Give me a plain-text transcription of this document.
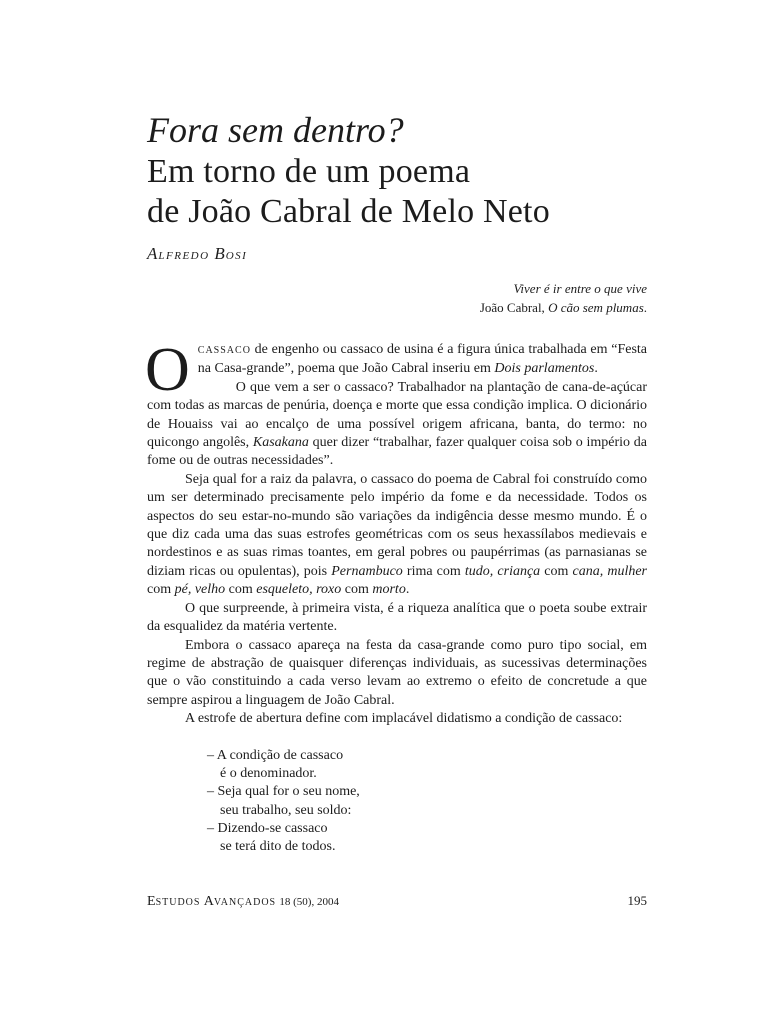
Fora sem dentro?
Em torno de um poema
de João Cabral de Melo Neto
ALFREDO BOSI
Viver é ir entre o que vive
João Cabral, O cão sem plumas.

OCASSACO de engenho ou cassaco de usina é a figura única trabalhada em “Festa na Casa-grande”, poema que João Cabral inseriu em Dois parlamentos.

O que vem a ser o cassaco? Trabalhador na plantação de cana-de-açúcar com todas as marcas de penúria, doença e morte que essa condição implica. O dicionário de Houaiss vai ao encalço de uma possível origem africana, banta, do termo: no quicongo angolês, Kasakana quer dizer “trabalhar, fazer qualquer coisa sob o império da fome ou de outras necessidades”.

Seja qual for a raiz da palavra, o cassaco do poema de Cabral foi construído como um ser determinado precisamente pelo império da fome e da necessidade. Todos os aspectos do seu estar-no-mundo são variações da indigência desse mesmo mundo. É o que diz cada uma das suas estrofes geométricas com os seus hexassílabos medievais e nordestinos e as suas rimas toantes, em geral pobres ou paupérrimas (as parnasianas se diziam ricas ou opulentas), pois Pernambuco rima com tudo, criança com cana, mulher com pé, velho com esqueleto, roxo com morto.

O que surpreende, à primeira vista, é a riqueza analítica que o poeta soube extrair da esqualidez da matéria vertente.

Embora o cassaco apareça na festa da casa-grande como puro tipo social, em regime de abstração de quaisquer diferenças individuais, as sucessivas determinações que o vão constituindo a cada verso levam ao extremo o efeito de concretude a que sempre aspirou a linguagem de João Cabral.

A estrofe de abertura define com implacável didatismo a condição de cassaco:

– A condição de cassaco
é o denominador.
– Seja qual for o seu nome,
seu trabalho, seu soldo:
– Dizendo-se cassaco
se terá dito de todos.
ESTUDOS AVANÇADOS 18 (50), 2004	195
